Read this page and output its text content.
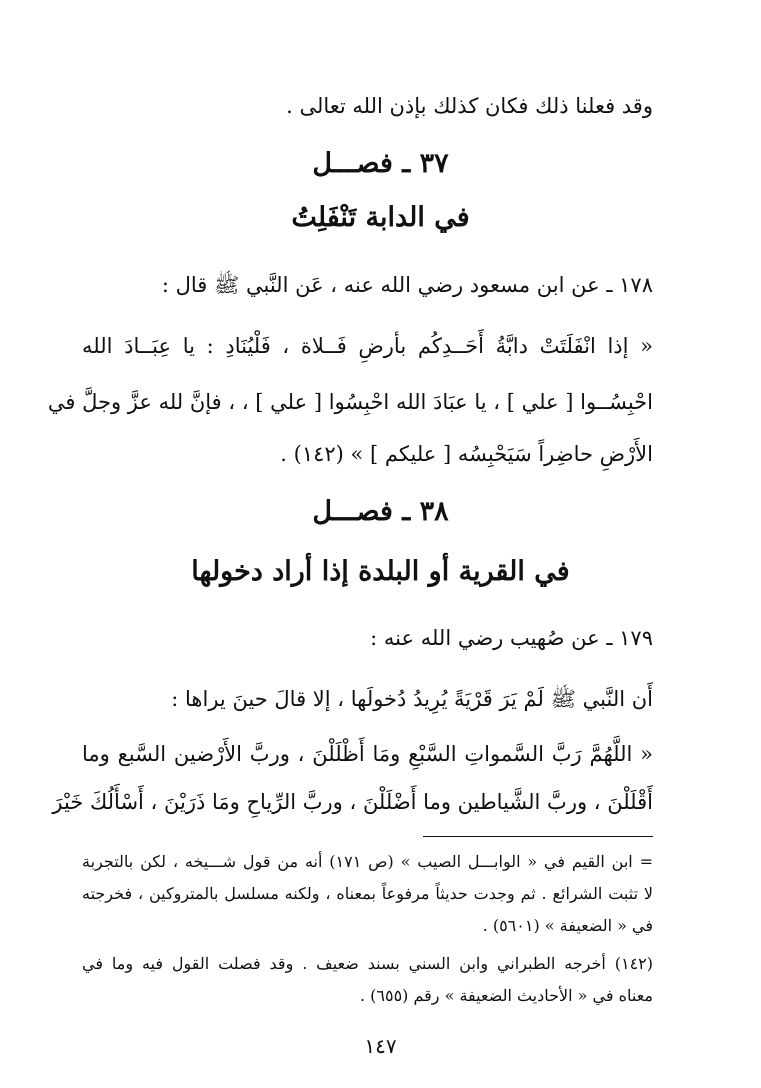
وقد فعلنا ذلك فكان كذلك بإذن الله تعالى .
٣٧ ـ فصـــل
في الدابة تَنْفَلِتُ
١٧٨ ـ عن ابن مسعود رضي الله عنه ، عَن النَّبي ﷺ قال :
« إذا انْفَلَتَتْ دابَّةُ أَحَــدِكُم بأرضِ فَــلاة ، فَلْيُنَادِ : يا عِبَــادَ الله
احْبِسُــوا [ علي ] ، يا عبَادَ الله احْبِسُوا [ علي ] ، ، فإنَّ لله عزَّ وجلَّ في
الأَرْضِ حاضِراً سَيَحْبِسُه [ عليكم ] » (١٤٢) .
٣٨ ـ فصـــل
في القرية أو البلدة إذا أراد دخولها
١٧٩ ـ عن صُهيب رضي الله عنه :
أَن النَّبي ﷺ لَمْ يَرَ قَرْيَةً يُرِيدُ دُخولَها ، إلا قالَ حينَ يراها :
« اللَّهُمَّ رَبَّ السَّمواتِ السَّبْعِ ومَا أَظْلَلْنَ ، وربَّ الأَرْضين السَّبع وما
أَقْلَلْنَ ، وربَّ الشَّياطين وما أَضْلَلْنَ ، وربَّ الرِّياحِ ومَا ذَرَيْنَ ، أَسْأَلُكَ خَيْرَ
= ابن القيم في « الوابـــل الصيب » (ص ١٧١) أنه من قول شـــيخه ، لكن بالتجربة
لا تثبت الشرائع . ثم وجدت حديثاً مرفوعاً بمعناه ، ولكنه مسلسل بالمتروكين ، فخرجته
في « الضعيفة » (٥٦٠١) .
(١٤٢) أخرجه الطبراني وابن السني بسند ضعيف . وقد فصلت القول فيه وما في
معناه في « الأحاديث الضعيفة » رقم (٦٥٥) .
١٤٧
